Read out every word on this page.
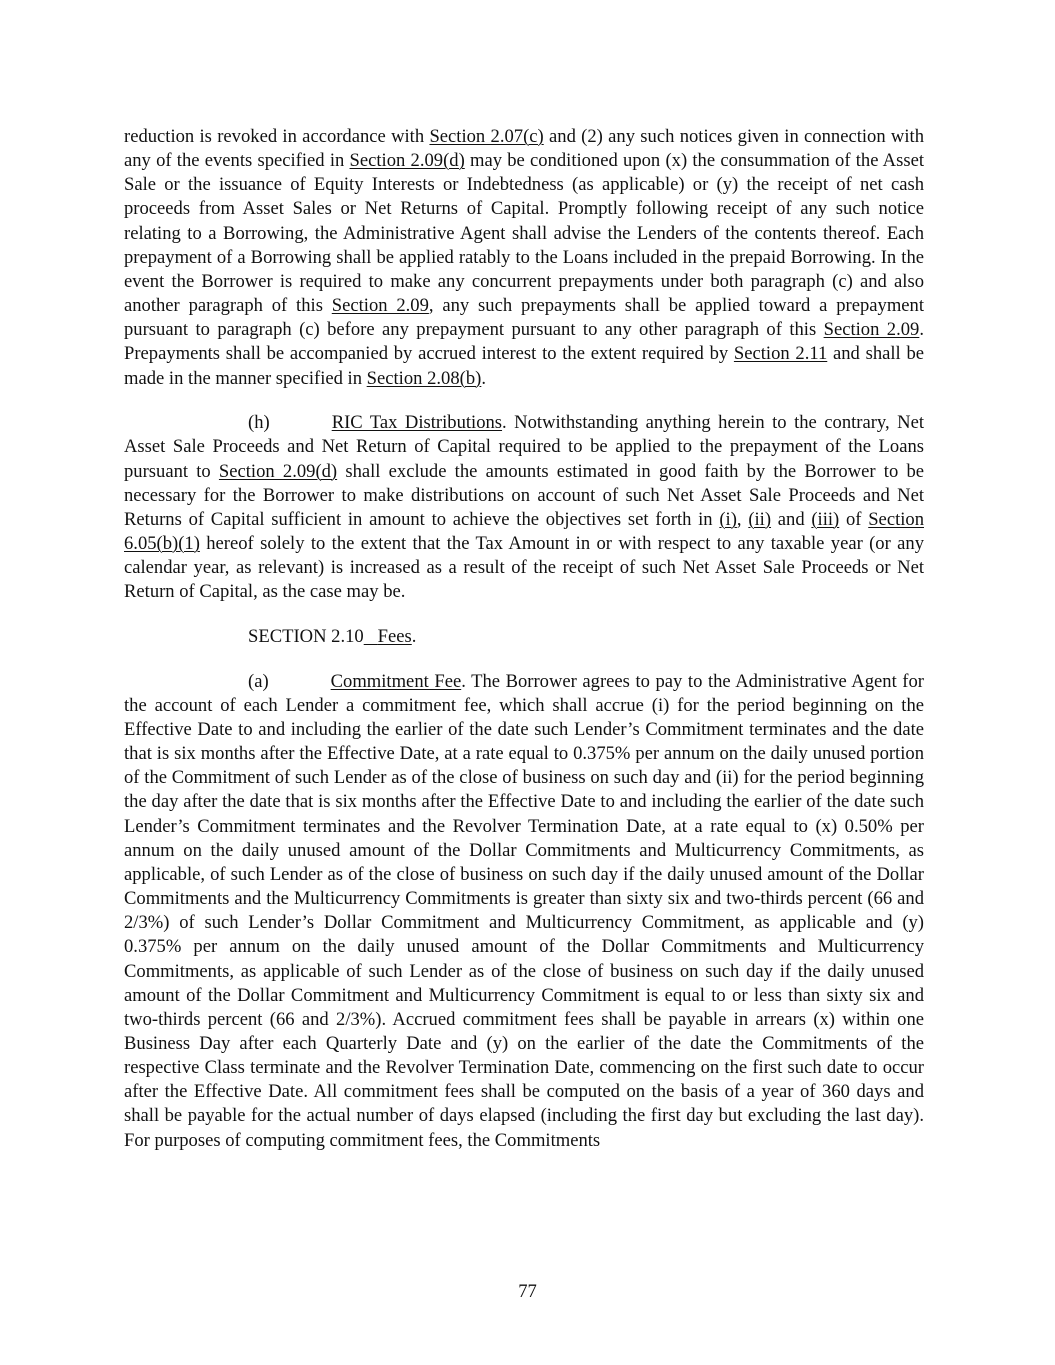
reduction is revoked in accordance with Section 2.07(c) and (2) any such notices given in connection with any of the events specified in Section 2.09(d) may be conditioned upon (x) the consummation of the Asset Sale or the issuance of Equity Interests or Indebtedness (as applicable) or (y) the receipt of net cash proceeds from Asset Sales or Net Returns of Capital. Promptly following receipt of any such notice relating to a Borrowing, the Administrative Agent shall advise the Lenders of the contents thereof. Each prepayment of a Borrowing shall be applied ratably to the Loans included in the prepaid Borrowing. In the event the Borrower is required to make any concurrent prepayments under both paragraph (c) and also another paragraph of this Section 2.09, any such prepayments shall be applied toward a prepayment pursuant to paragraph (c) before any prepayment pursuant to any other paragraph of this Section 2.09. Prepayments shall be accompanied by accrued interest to the extent required by Section 2.11 and shall be made in the manner specified in Section 2.08(b).

(h)	RIC Tax Distributions. Notwithstanding anything herein to the contrary, Net Asset Sale Proceeds and Net Return of Capital required to be applied to the prepayment of the Loans pursuant to Section 2.09(d) shall exclude the amounts estimated in good faith by the Borrower to be necessary for the Borrower to make distributions on account of such Net Asset Sale Proceeds and Net Returns of Capital sufficient in amount to achieve the objectives set forth in (i), (ii) and (iii) of Section 6.05(b)(1) hereof solely to the extent that the Tax Amount in or with respect to any taxable year (or any calendar year, as relevant) is increased as a result of the receipt of such Net Asset Sale Proceeds or Net Return of Capital, as the case may be.

SECTION 2.10 Fees.

(a)	Commitment Fee. The Borrower agrees to pay to the Administrative Agent for the account of each Lender a commitment fee, which shall accrue (i) for the period beginning on the Effective Date to and including the earlier of the date such Lender’s Commitment terminates and the date that is six months after the Effective Date, at a rate equal to 0.375% per annum on the daily unused portion of the Commitment of such Lender as of the close of business on such day and (ii) for the period beginning the day after the date that is six months after the Effective Date to and including the earlier of the date such Lender’s Commitment terminates and the Revolver Termination Date, at a rate equal to (x) 0.50% per annum on the daily unused amount of the Dollar Commitments and Multicurrency Commitments, as applicable, of such Lender as of the close of business on such day if the daily unused amount of the Dollar Commitments and the Multicurrency Commitments is greater than sixty six and two-thirds percent (66 and 2/3%) of such Lender’s Dollar Commitment and Multicurrency Commitment, as applicable and (y) 0.375% per annum on the daily unused amount of the Dollar Commitments and Multicurrency Commitments, as applicable of such Lender as of the close of business on such day if the daily unused amount of the Dollar Commitment and Multicurrency Commitment is equal to or less than sixty six and two-thirds percent (66 and 2/3%). Accrued commitment fees shall be payable in arrears (x) within one Business Day after each Quarterly Date and (y) on the earlier of the date the Commitments of the respective Class terminate and the Revolver Termination Date, commencing on the first such date to occur after the Effective Date. All commitment fees shall be computed on the basis of a year of 360 days and shall be payable for the actual number of days elapsed (including the first day but excluding the last day). For purposes of computing commitment fees, the Commitments

77
